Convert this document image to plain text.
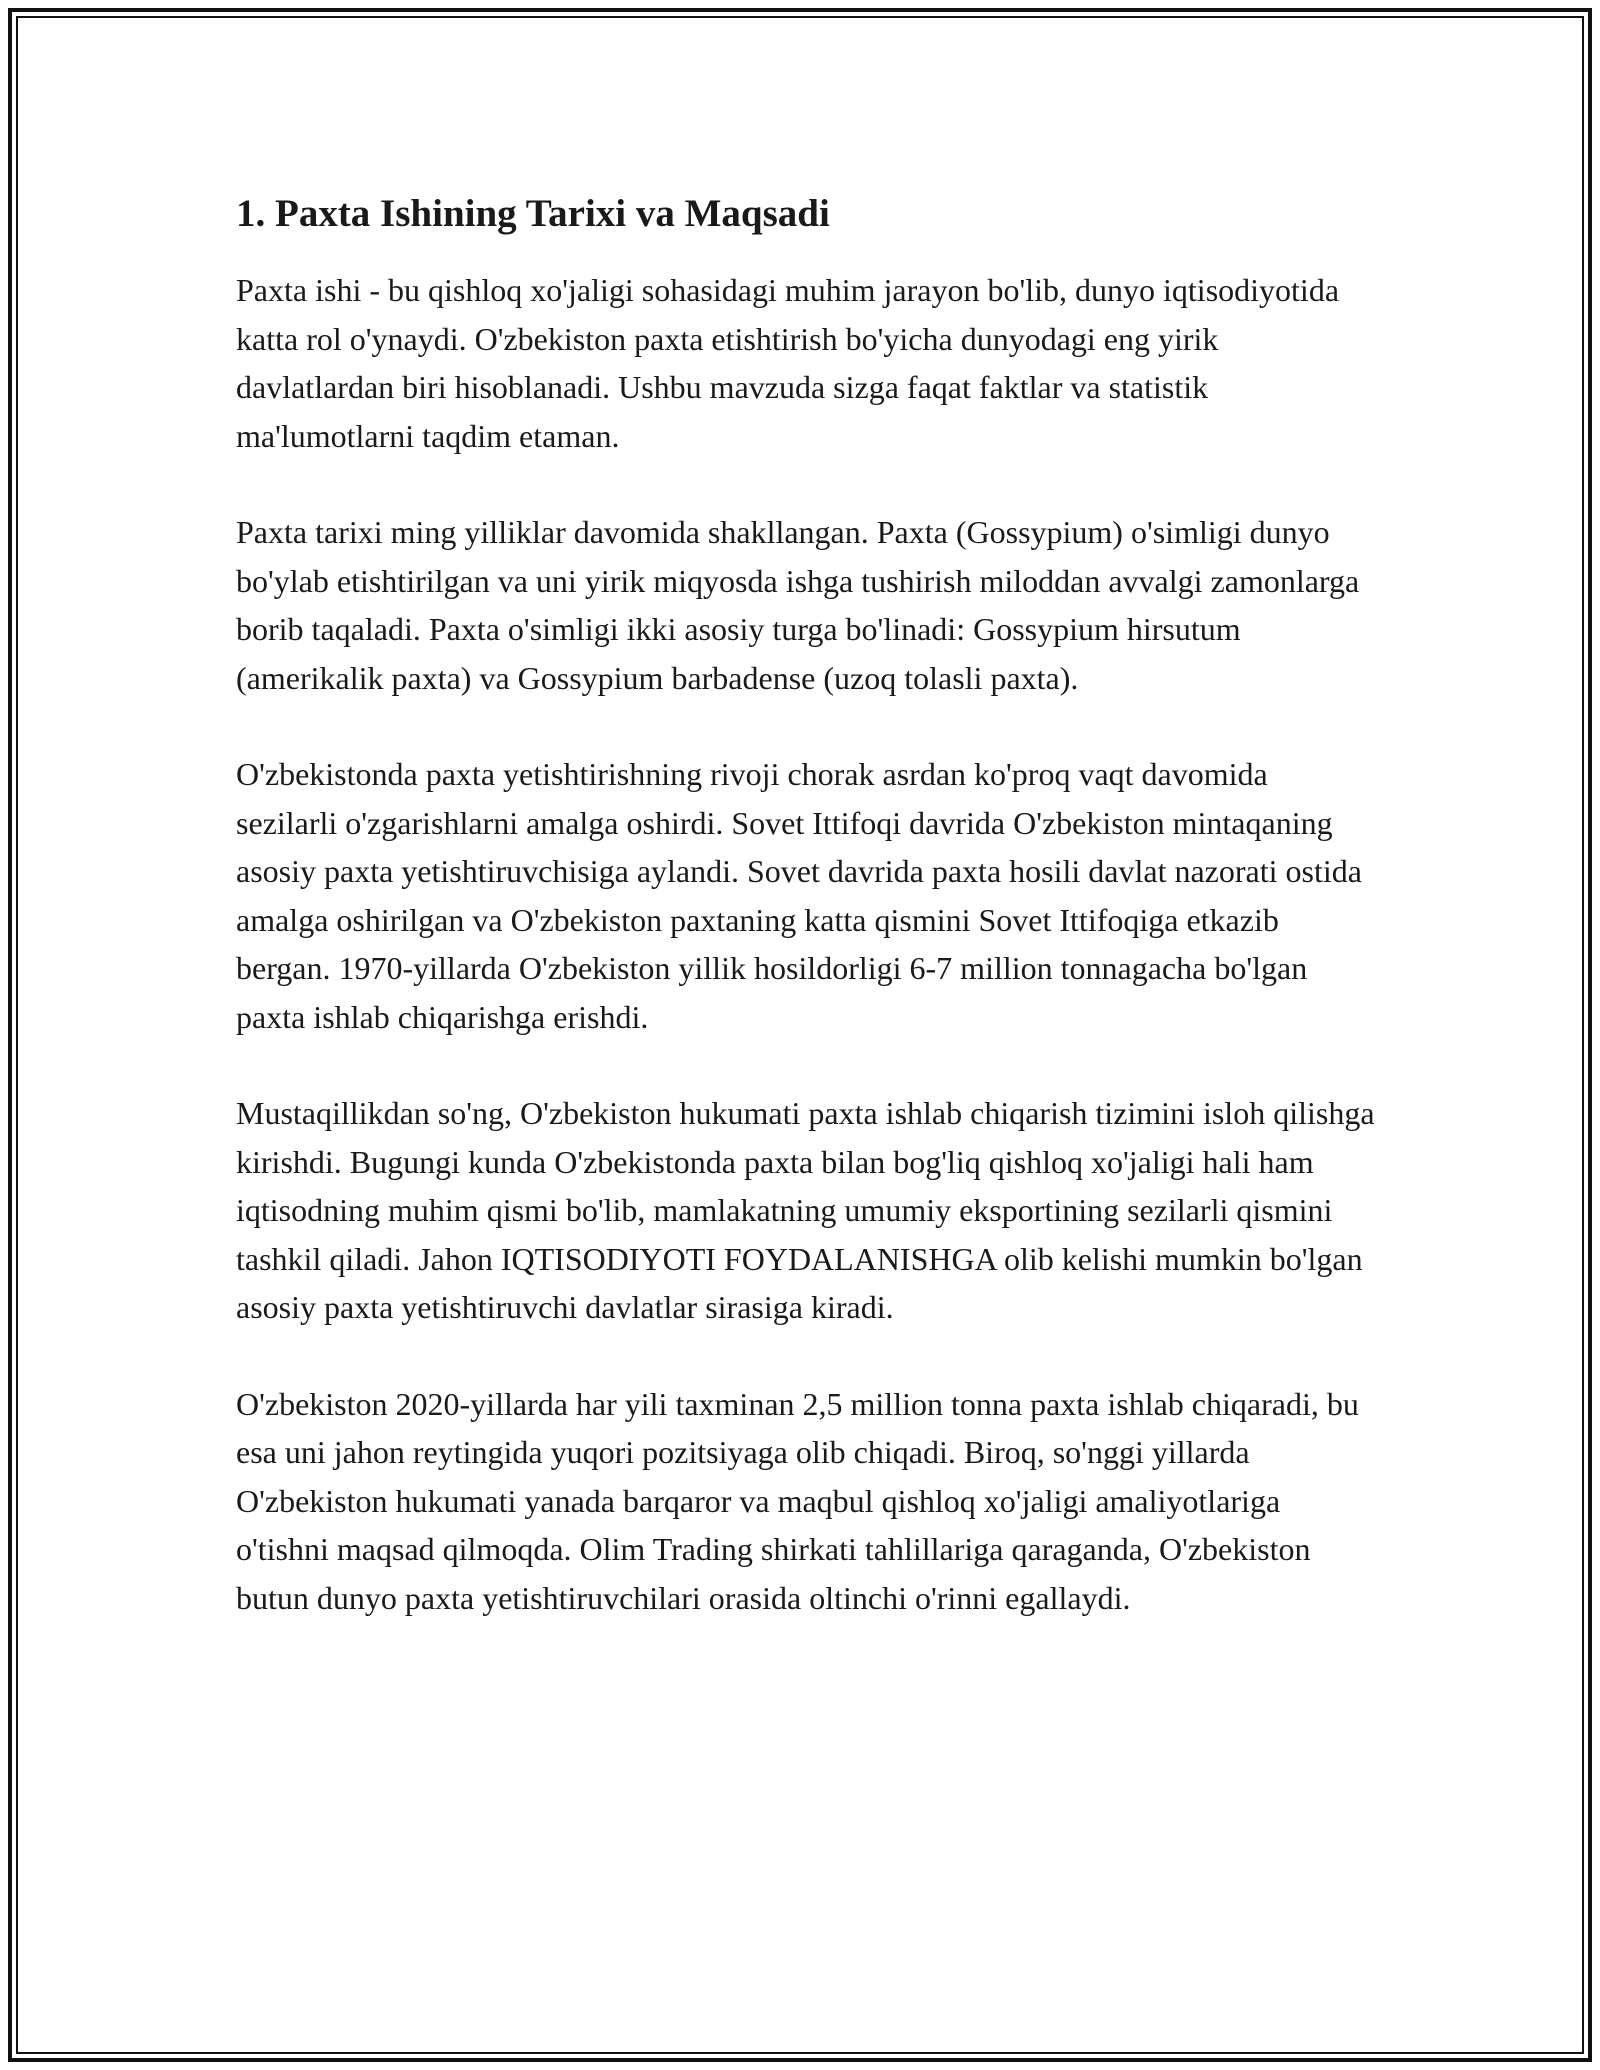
1. Paxta Ishining Tarixi va Maqsadi

Paxta ishi - bu qishloq xo'jaligi sohasidagi muhim jarayon bo'lib, dunyo iqtisodiyotida katta rol o'ynaydi. O'zbekiston paxta etishtirish bo'yicha dunyodagi eng yirik davlatlardan biri hisoblanadi. Ushbu mavzuda sizga faqat faktlar va statistik ma'lumotlarni taqdim etaman.

Paxta tarixi ming yilliklar davomida shakllangan. Paxta (Gossypium) o'simligi dunyo bo'ylab etishtirilgan va uni yirik miqyosda ishga tushirish miloddan avvalgi zamonlarga borib taqaladi. Paxta o'simligi ikki asosiy turga bo'linadi: Gossypium hirsutum (amerikalik paxta) va Gossypium barbadense (uzoq tolasli paxta).

O'zbekistonda paxta yetishtirishning rivoji chorak asrdan ko'proq vaqt davomida sezilarli o'zgarishlarni amalga oshirdi. Sovet Ittifoqi davrida O'zbekiston mintaqaning asosiy paxta yetishtiruvchisiga aylandi. Sovet davrida paxta hosili davlat nazorati ostida amalga oshirilgan va O'zbekiston paxtaning katta qismini Sovet Ittifoqiga etkazib bergan. 1970-yillarda O'zbekiston yillik hosildorligi 6-7 million tonnagacha bo'lgan paxta ishlab chiqarishga erishdi.

Mustaqillikdan so'ng, O'zbekiston hukumati paxta ishlab chiqarish tizimini isloh qilishga kirishdi. Bugungi kunda O'zbekistonda paxta bilan bog'liq qishloq xo'jaligi hali ham iqtisodning muhim qismi bo'lib, mamlakatning umumiy eksportining sezilarli qismini tashkil qiladi. Jahon IQTISODIYOTI FOYDALANISHGA olib kelishi mumkin bo'lgan asosiy paxta yetishtiruvchi davlatlar sirasiga kiradi.

O'zbekiston 2020-yillarda har yili taxminan 2,5 million tonna paxta ishlab chiqaradi, bu esa uni jahon reytingida yuqori pozitsiyaga olib chiqadi. Biroq, so'nggi yillarda O'zbekiston hukumati yanada barqaror va maqbul qishloq xo'jaligi amaliyotlariga o'tishni maqsad qilmoqda. Olim Trading shirkati tahlillariga qaraganda, O'zbekiston butun dunyo paxta yetishtiruvchilari orasida oltinchi o'rinni egallaydi.
